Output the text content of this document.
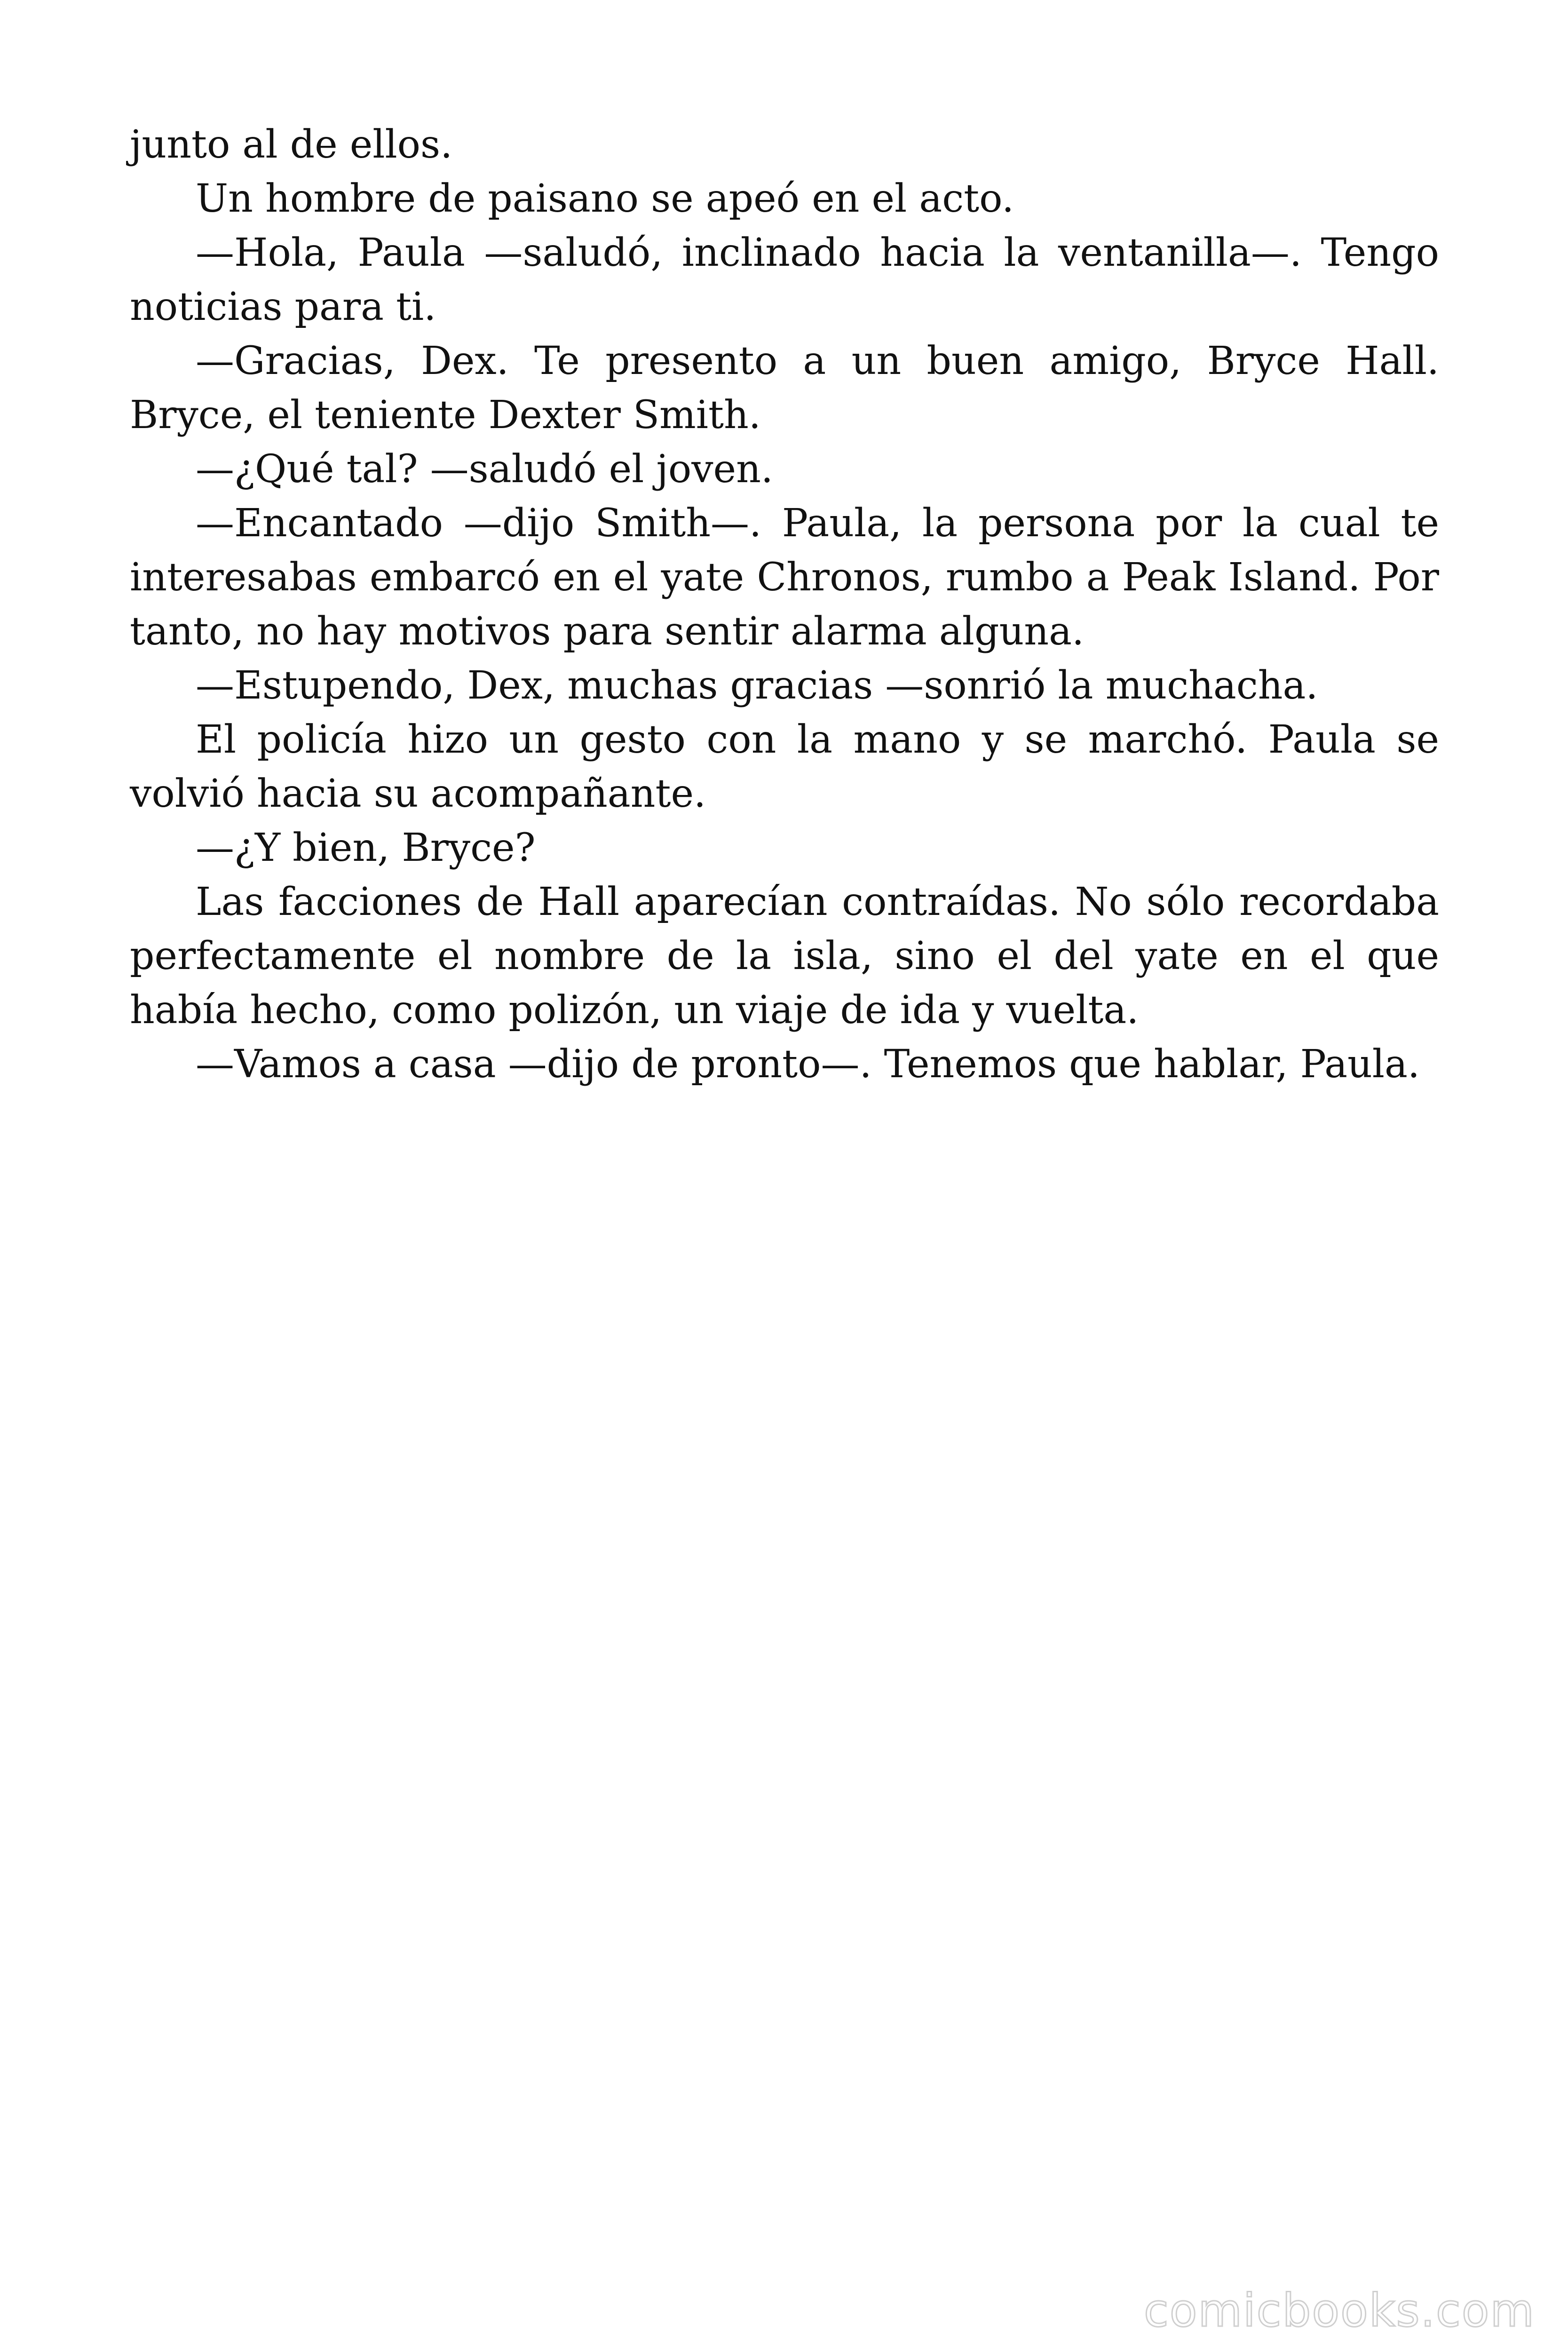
junto al de ellos.

Un hombre de paisano se apeó en el acto.

—Hola, Paula —saludó, inclinado hacia la ventanilla—. Tengo noticias para ti.

—Gracias, Dex. Te presento a un buen amigo, Bryce Hall. Bryce, el teniente Dexter Smith.

—¿Qué tal? —saludó el joven.

—Encantado —dijo Smith—. Paula, la persona por la cual te interesabas embarcó en el yate Chronos, rumbo a Peak Island. Por tanto, no hay motivos para sentir alarma alguna.

—Estupendo, Dex, muchas gracias —sonrió la muchacha.

El policía hizo un gesto con la mano y se marchó. Paula se volvió hacia su acompañante.

—¿Y bien, Bryce?

Las facciones de Hall aparecían contraídas. No sólo recordaba perfectamente el nombre de la isla, sino el del yate en el que había hecho, como polizón, un viaje de ida y vuelta.

—Vamos a casa —dijo de pronto—. Tenemos que hablar, Paula.

comicbooks.com
